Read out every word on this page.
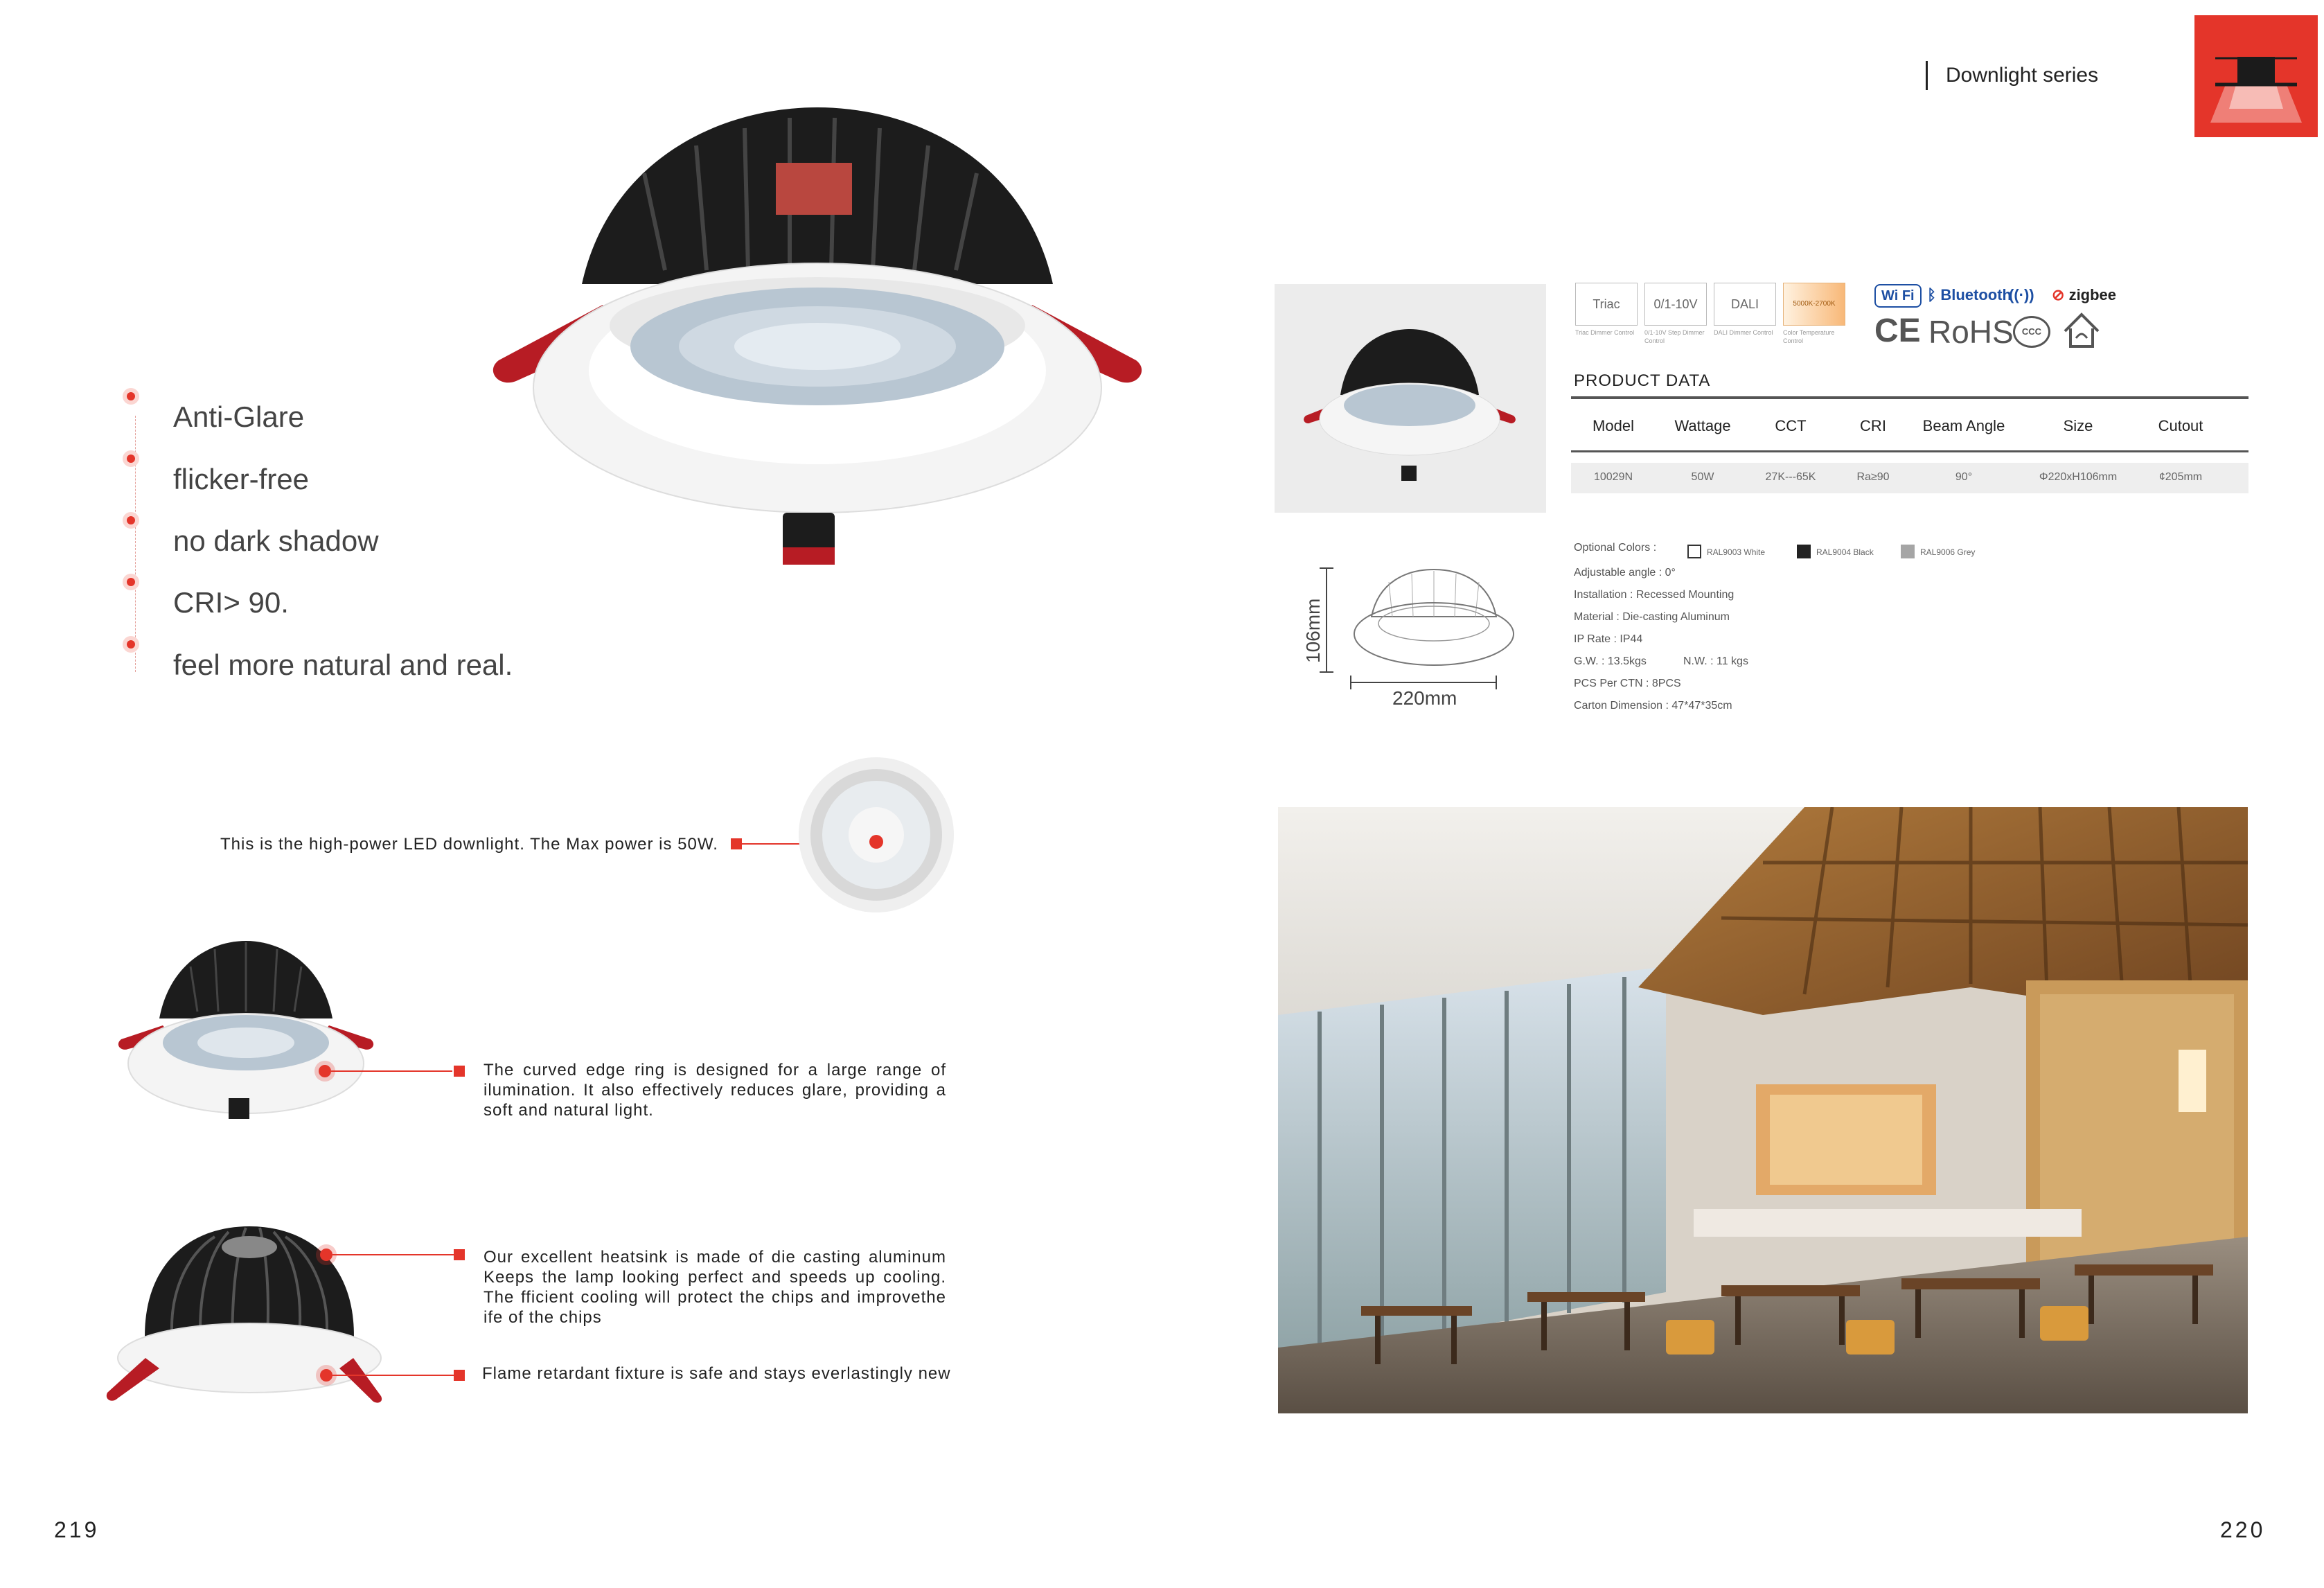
Downlight series
Anti-Glare
flicker-free
no dark shadow
CRI> 90.
feel more natural and real.
This is the high-power LED downlight. The Max power is 50W.
The curved edge ring is designed for a large range of ilumination. It also effectively reduces glare, providing a soft and natural light.
Our excellent heatsink is made of die casting aluminum Keeps the lamp looking perfect and speeds up cooling. The fficient cooling will protect the chips and improvethe ife of the chips
Flame retardant fixture is safe and stays everlastingly new
106mm
220mm
Triac
Triac Dimmer Control
0/1-10V
0/1-10V Step Dimmer Control
DALI
DALI Dimmer Control
5000K-2700K
Color Temperature Control
Wi Fi ᛒ Bluetooth
((·)) ⊘ zigbee
CE RoHS CCC
PRODUCT DATA
Model	Wattage	CCT	CRI	Beam Angle	Size	Cutout
10029N	50W	27K---65K	Ra≥90	90°	Φ220xH106mm	¢205mm
Optional Colors :	RAL9003 White	RAL9004 Black	RAL9006 Grey
Adjustable angle : 0°
Installation : Recessed Mounting
Material : Die-casting Aluminum
IP Rate : IP44
G.W. : 13.5kgs	N.W. : 11 kgs
PCS Per CTN : 8PCS
Carton Dimension : 47*47*35cm
219	220
